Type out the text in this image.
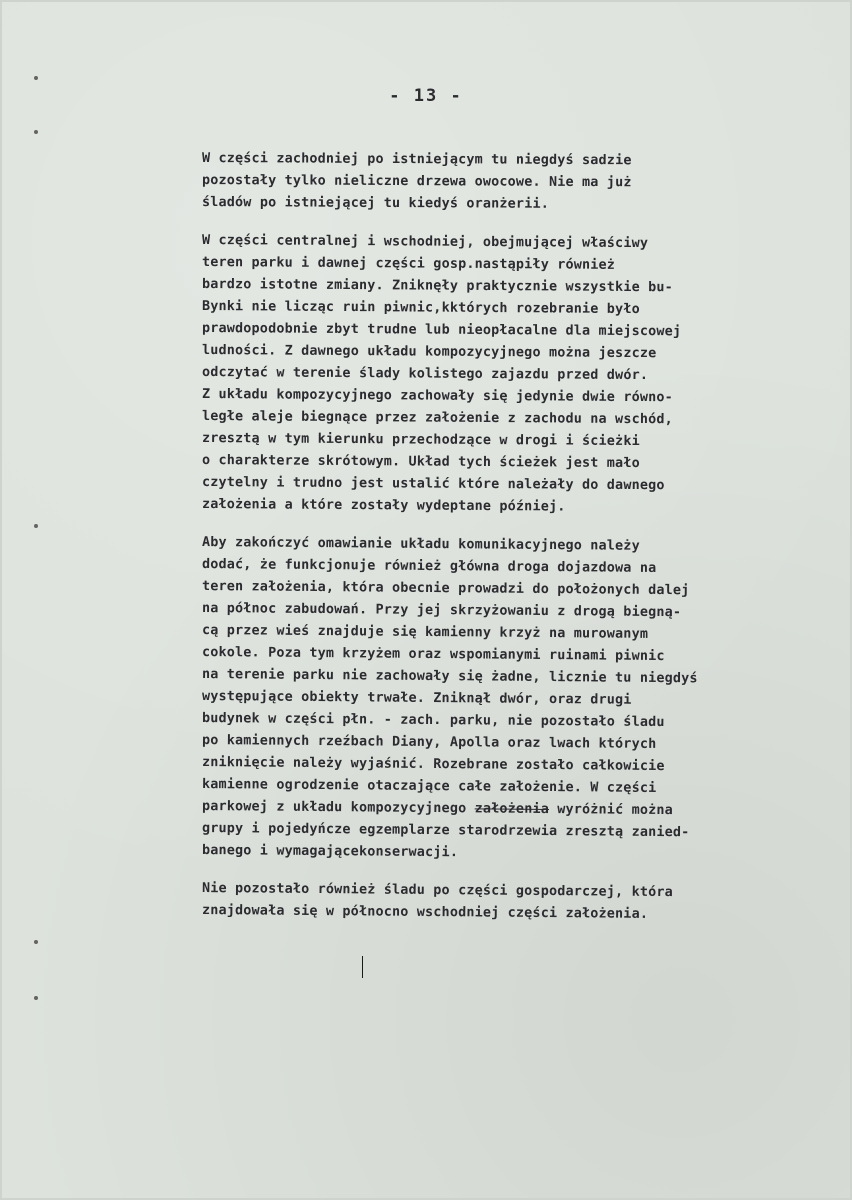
- 13 -

W części zachodniej po istniejącym tu niegdyś sadzie
pozostały tylko nieliczne drzewa owocowe. Nie ma już
śladów po istniejącej tu kiedyś oranżerii.

W części centralnej i wschodniej, obejmującej właściwy
teren parku i dawnej części gosp.nastąpiły również
bardzo istotne zmiany. Zniknęły praktycznie wszystkie bu-
Bynki nie licząc ruin piwnic,kktórych rozebranie było
prawdopodobnie zbyt trudne lub nieopłacalne dla miejscowej
ludności. Z dawnego układu kompozycyjnego można jeszcze
odczytać w terenie ślady kolistego zajazdu przed dwór.
Z układu kompozycyjnego zachowały się jedynie dwie równo-
ległe aleje biegnące przez założenie z zachodu na wschód,
zresztą w tym kierunku przechodzące w drogi i ścieżki
o charakterze skrótowym. Układ tych ścieżek jest mało
czytelny i trudno jest ustalić które należały do dawnego
założenia a które zostały wydeptane później.

Aby zakończyć omawianie układu komunikacyjnego należy
dodać, że funkcjonuje również główna droga dojazdowa na
teren założenia, która obecnie prowadzi do położonych dalej
na północ zabudowań. Przy jej skrzyżowaniu z drogą biegną-
cą przez wieś znajduje się kamienny krzyż na murowanym
cokole. Poza tym krzyżem oraz wspomianymi ruinami piwnic
na terenie parku nie zachowały się żadne, licznie tu niegdyś
występujące obiekty trwałe. Zniknął dwór, oraz drugi
budynek w części płn. - zach. parku, nie pozostało śladu
po kamiennych rzeźbach Diany, Apolla oraz lwach których
zniknięcie należy wyjaśnić. Rozebrane zostało całkowicie
kamienne ogrodzenie otaczające całe założenie. W części
parkowej z układu kompozycyjnego założenia wyróżnić można
grupy i pojedyńcze egzemplarze starodrzewia zresztą zanied-
banego i wymagającekonserwacji.

Nie pozostało również śladu po części gospodarczej, która
znajdowała się w północno wschodniej części założenia.
